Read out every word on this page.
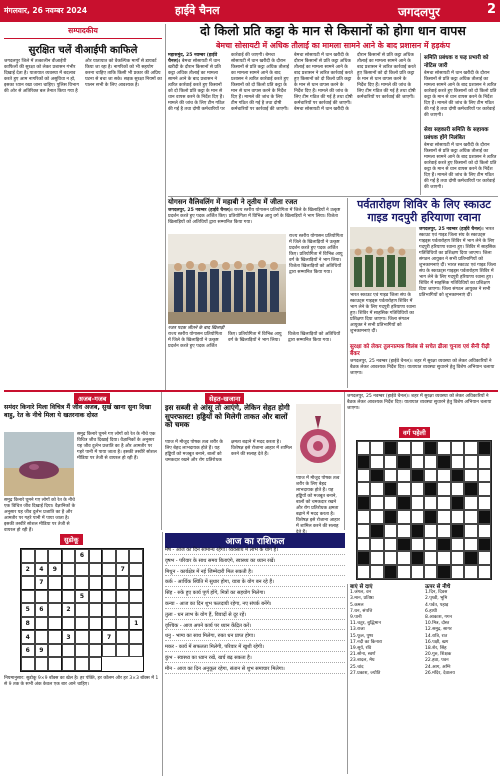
मंगलवार, 26 नवम्बर 2024	हाईवे चैनल	जगदलपुर	2
सम्पादकीय
सुरक्षित चलें वीआईपी काफिले
जगदलपुर जिले में तत्कालीन वीआईपी काफिलों की सुरक्षा को लेकर प्रशासन गंभीर दिखाई देता है। यातायात व्यवस्था में बदलाव करते हुए आम नागरिकों को असुविधा न हो, इसका ध्यान रखा जाना चाहिए। पुलिस विभाग की ओर से अतिरिक्त बल तैनात किया गया है और यातायात को वैकल्पिक मार्गों से डायवर्ट किया जा रहा है। नागरिकों को भी सहयोग करना चाहिए ताकि किसी भी प्रकार की अप्रिय घटना से बचा जा सके। सड़क सुरक्षा नियमों का पालन सभी के लिए आवश्यक है।
दो किलो प्रति कट्टा के मान से किसानों को होगा धान वापस
बेमचा सोसायटी में अधिक तौलाई का मामला सामने आने के बाद प्रशासन में हड़कंप
महासमुंद, 25 नवम्बर (हाईवे चैनल)। बेमचा सोसायटी में धान खरीदी के दौरान किसानों से प्रति कट्टा अधिक तौलाई का मामला सामने आने के बाद प्रशासन ने त्वरित कार्रवाई करते हुए किसानों को दो किलो प्रति कट्टा के मान से धान वापस करने के निर्देश दिए हैं। मामले की जांच के लिए टीम गठित की गई है तथा दोषी कर्मचारियों पर कार्रवाई की जाएगी। बेमचा सोसायटी में धान खरीदी के दौरान किसानों से प्रति कट्टा अधिक तौलाई का मामला सामने आने के बाद प्रशासन ने त्वरित कार्रवाई करते हुए किसानों को दो किलो प्रति कट्टा के मान से धान वापस करने के निर्देश दिए हैं। मामले की जांच के लिए टीम गठित की गई है तथा दोषी कर्मचारियों पर कार्रवाई की जाएगी। बेमचा सोसायटी में धान खरीदी के दौरान किसानों से प्रति कट्टा अधिक तौलाई का मामला सामने आने के बाद प्रशासन ने त्वरित कार्रवाई करते हुए किसानों को दो किलो प्रति कट्टा के मान से धान वापस करने के निर्देश दिए हैं। मामले की जांच के लिए टीम गठित की गई है तथा दोषी कर्मचारियों पर कार्रवाई की जाएगी। बेमचा सोसायटी में धान खरीदी के दौरान किसानों से प्रति कट्टा अधिक तौलाई का मामला सामने आने के बाद प्रशासन ने त्वरित कार्रवाई करते हुए किसानों को दो किलो प्रति कट्टा के मान से धान वापस करने के निर्देश दिए हैं। मामले की जांच के लिए टीम गठित की गई है तथा दोषी कर्मचारियों पर कार्रवाई की जाएगी।
समिति प्रबंधक व फड़ प्रभारी को नोटिस जारी
बेमचा सोसायटी में धान खरीदी के दौरान किसानों से प्रति कट्टा अधिक तौलाई का मामला सामने आने के बाद प्रशासन ने त्वरित कार्रवाई करते हुए किसानों को दो किलो प्रति कट्टा के मान से धान वापस करने के निर्देश दिए हैं। मामले की जांच के लिए टीम गठित की गई है तथा दोषी कर्मचारियों पर कार्रवाई की जाएगी।
सेवा सहकारी समिति के सहायक प्रबंधक होंगे निलंबित
बेमचा सोसायटी में धान खरीदी के दौरान किसानों से प्रति कट्टा अधिक तौलाई का मामला सामने आने के बाद प्रशासन ने त्वरित कार्रवाई करते हुए किसानों को दो किलो प्रति कट्टा के मान से धान वापस करने के निर्देश दिए हैं। मामले की जांच के लिए टीम गठित की गई है तथा दोषी कर्मचारियों पर कार्रवाई की जाएगी।
योगसन वैलिवलिंग में महाबी ने तृतीय में जीता रजत
जगदलपुर, 25 नवम्बर (हाईवे चैनल)। राज्य स्तरीय योगासन प्रतियोगिता में जिले के खिलाड़ियों ने उत्कृष्ट प्रदर्शन करते हुए पदक अर्जित किए। प्रतियोगिता में विभिन्न आयु वर्ग के खिलाड़ियों ने भाग लिया। विजेता खिलाड़ियों को अतिथियों द्वारा सम्मानित किया गया।
राज्य स्तरीय योगासन प्रतियोगिता में जिले के खिलाड़ियों ने उत्कृष्ट प्रदर्शन करते हुए पदक अर्जित किए। प्रतियोगिता में विभिन्न आयु वर्ग के खिलाड़ियों ने भाग लिया। विजेता खिलाड़ियों को अतिथियों द्वारा सम्मानित किया गया।
रजत पदक जीतने के बाद खिलाड़ी
राज्य स्तरीय योगासन प्रतियोगिता में जिले के खिलाड़ियों ने उत्कृष्ट प्रदर्शन करते हुए पदक अर्जित किए। प्रतियोगिता में विभिन्न आयु वर्ग के खिलाड़ियों ने भाग लिया। विजेता खिलाड़ियों को अतिथियों द्वारा सम्मानित किया गया।
पर्वतारोहण शिविर के लिए स्काउट गाइड गदपुरी हरियाणा रवाना
जगदलपुर, 25 नवम्बर (हाईवे चैनल)। भारत स्काउट एवं गाइड जिला संघ के स्काउट्स गाइड्स पर्वतारोहण शिविर में भाग लेने के लिए गदपुरी हरियाणा रवाना हुए। शिविर में साहसिक गतिविधियों का प्रशिक्षण दिया जाएगा। जिला संगठन आयुक्त ने सभी प्रतिभागियों को शुभकामनाएं दीं। भारत स्काउट एवं गाइड जिला संघ के स्काउट्स गाइड्स पर्वतारोहण शिविर में भाग लेने के लिए गदपुरी हरियाणा रवाना हुए। शिविर में साहसिक गतिविधियों का प्रशिक्षण दिया जाएगा। जिला संगठन आयुक्त ने सभी प्रतिभागियों को शुभकामनाएं दीं।
भारत स्काउट एवं गाइड जिला संघ के स्काउट्स गाइड्स पर्वतारोहण शिविर में भाग लेने के लिए गदपुरी हरियाणा रवाना हुए। शिविर में साहसिक गतिविधियों का प्रशिक्षण दिया जाएगा। जिला संगठन आयुक्त ने सभी प्रतिभागियों को शुभकामनाएं दीं।
सुरक्षा को लेकर तुलनात्मक विलंब से सचेत ढीला चुनाव एवं सैनी रीढ़ी बैंकर
जगदलपुर, 25 नवम्बर (हाईवे चैनल)। शहर में सुरक्षा व्यवस्था को लेकर अधिकारियों ने बैठक लेकर आवश्यक निर्देश दिए। यातायात व्यवस्था सुधारने हेतु विशेष अभियान चलाया जाएगा।
अजब-गजब
समंदर किनारे मिला विचित्र मैं जीव अजब, सुर्ख खाना सुना दिखा बाहु, रेत के नीचे मिला ये खतरनाक दोस्त
समुद्र किनारे घूमने गए लोगों को रेत के नीचे एक विचित्र जीव दिखाई दिया। वैज्ञानिकों के अनुसार यह जीव दुर्लभ प्रजाति का है और आमतौर पर गहरे पानी में पाया जाता है। इसकी तस्वीरें सोशल मीडिया पर तेजी से वायरल हो रही हैं।
समुद्र किनारे घूमने गए लोगों को रेत के नीचे एक विचित्र जीव दिखाई दिया। वैज्ञानिकों के अनुसार यह जीव दुर्लभ प्रजाति का है और आमतौर पर गहरे पानी में पाया जाता है। इसकी तस्वीरें सोशल मीडिया पर तेजी से वायरल हो रही हैं।
सेहत-खजाना
इस सब्जी से आंसू तो आएंगे, लेकिन सेहत होगी सुपरफास्ट! हड्डियों को मिलेगी ताकत और बालों को चमक
प्याज में मौजूद पोषक तत्व शरीर के लिए बेहद लाभदायक होते हैं। यह हड्डियों को मजबूत बनाने, बालों को चमकदार रखने और रोग प्रतिरोधक क्षमता बढ़ाने में मदद करता है। विशेषज्ञ इसे रोजाना आहार में शामिल करने की सलाह देते हैं।
प्याज में मौजूद पोषक तत्व शरीर के लिए बेहद लाभदायक होते हैं। यह हड्डियों को मजबूत बनाने, बालों को चमकदार रखने और रोग प्रतिरोधक क्षमता बढ़ाने में मदद करता है। विशेषज्ञ इसे रोजाना आहार में शामिल करने की सलाह
जगदलपुर, 25 नवम्बर (हाईवे चैनल)। शहर में सुरक्षा व्यवस्था को लेकर अधिकारियों ने बैठक लेकर आवश्यक निर्देश दिए। यातायात व्यवस्था सुधारने हेतु विशेष अभियान चलाया जाएगा।
वर्ग पहेली
सुडोकू
6
2	4	9	7
7
5
5	6	2
8	1
4	3	7
6	9
नियमानुसार: सुडोकू 9×9 बॉक्स का खेल है। हर पंक्ति, हर कॉलम और हर 3×3 बॉक्स में 1 से 9 तक के सभी अंक केवल एक बार आने चाहिए।
आज का राशिफल
मेष - आज का दिन सामान्य रहेगा। व्यवसाय में लाभ के योग हैं।
वृषभ - परिवार के साथ समय बिताएंगे, स्वास्थ्य का ध्यान रखें।
मिथुन - कार्यक्षेत्र में नई जिम्मेदारी मिल सकती है।
कर्क - आर्थिक स्थिति में सुधार होगा, यात्रा के योग बन रहे हैं।
सिंह - रुके हुए कार्य पूर्ण होंगे, मित्रों का सहयोग मिलेगा।
कन्या - आज का दिन शुभ फलदायी रहेगा, नए संपर्क बनेंगे।
तुला - धन लाभ के योग हैं, विवादों से दूर रहें।
वृश्चिक - आज अपने कार्य पर ध्यान केंद्रित करें।
धनु - भाग्य का साथ मिलेगा, रुका धन प्राप्त होगा।
मकर - कार्य में सफलता मिलेगी, परिवार में खुशी रहेगी।
कुंभ - स्वास्थ्य का ध्यान रखें, खर्च बढ़ सकता है।
मीन - आज का दिन अनुकूल रहेगा, संतान से शुभ समाचार मिलेगा।
बाएं से दाएं
1.जंगल, वन
3.मान, प्रतिष्ठा
5.कमल
7.धन, संपत्ति
9.पानी
11.चतुर, बुद्धिमान
13.राजा
15.फूल, पुष्प
17.नदी का किनारा
19.सूर्य, रवि
21.सोना, स्वर्ण
23.बादल, मेघ
25.चांद
27.प्रकाश, ज्योति
ऊपर से नीचे
1.दिन, दिवस
2.पृथ्वी, भूमि
4.पर्वत, पहाड़
6.हाथी
8.आकाश, गगन
10.मित्र, दोस्त
12.समुद्र, सागर
14.रात्रि, रात
16.पक्षी, खग
18.शेर, सिंह
20.गुरु, शिक्षक
22.हवा, पवन
24.आग, अग्नि
26.मंदिर, देवालय
